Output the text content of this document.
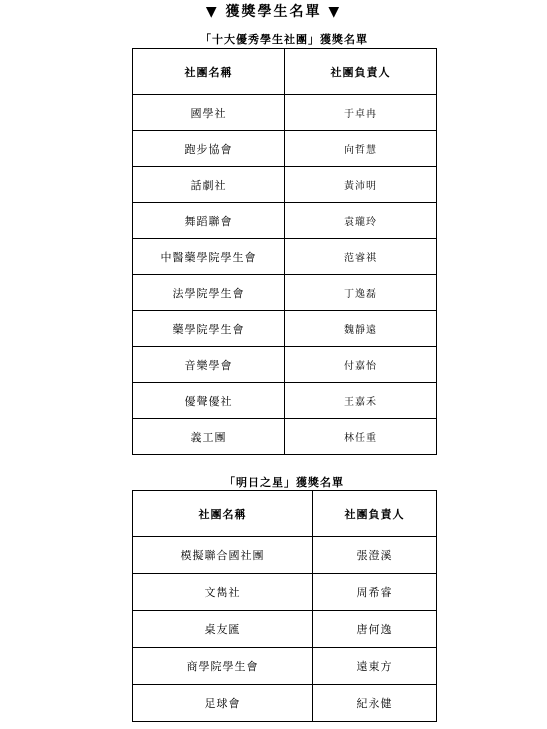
▼ 獲獎學生名單 ▼
「十大優秀學生社團」獲獎名單
社團名稱	社團負責人
國學社	于卓冉
跑步協會	向哲慧
話劇社	黃沛明
舞蹈聯會	袁瓏玲
中醫藥學院學生會	范睿祺
法學院學生會	丁逸磊
藥學院學生會	魏靜遠
音樂學會	付嘉怡
優聲優社	王嘉禾
義工團	林任重
「明日之星」獲獎名單
社團名稱	社團負責人
模擬聯合國社團	張澄溪
文雋社	周希睿
桌友匯	唐何逸
商學院學生會	遠東方
足球會	紀永健
